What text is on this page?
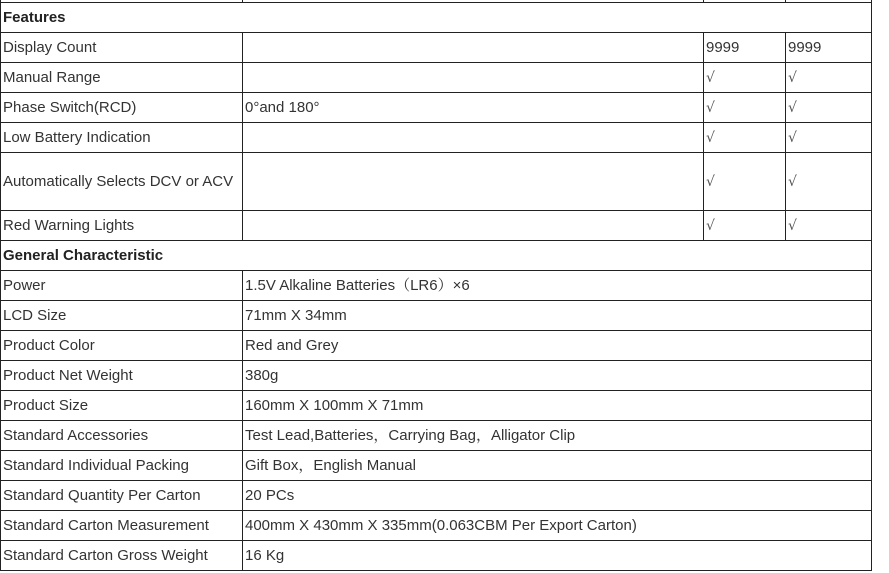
Features			
Display Count		9999	9999
Manual Range		√	√
Phase Switch(RCD)	0°and 180°	√	√
Low Battery Indication		√	√
Automatically Selects DCV or ACV		√	√
Red Warning Lights		√	√
General Characteristic			
Power	1.5V Alkaline Batteries（LR6）×6		
LCD Size	71mm X 34mm		
Product Color	Red and Grey		
Product Net Weight	380g		
Product Size	160mm X 100mm X 71mm		
Standard Accessories	Test Lead,Batteries，Carrying Bag，Alligator Clip		
Standard Individual Packing	Gift Box，English Manual		
Standard Quantity Per Carton	20 PCs		
Standard Carton Measurement	400mm X 430mm X 335mm(0.063CBM Per Export Carton)		
Standard Carton Gross Weight	16 Kg		
